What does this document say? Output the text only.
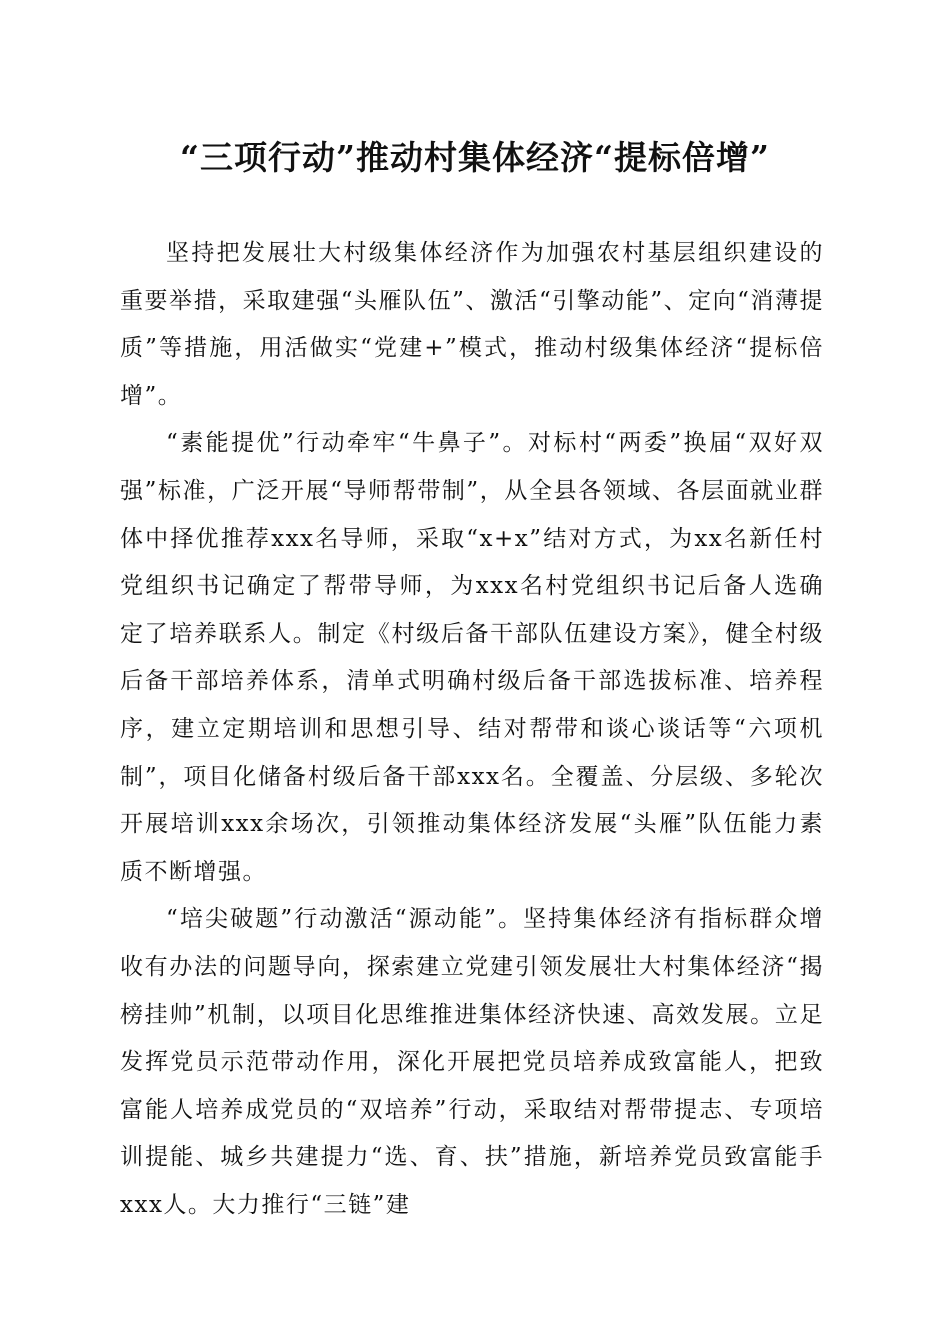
“三项行动”推动村集体经济“提标倍增”

坚持把发展壮大村级集体经济作为加强农村基层组织建设的重要举措，采取建强“头雁队伍”、激活“引擎动能”、定向“消薄提质”等措施，用活做实“党建+”模式，推动村级集体经济“提标倍增”。

“素能提优”行动牵牢“牛鼻子”。对标村“两委”换届“双好双强”标准，广泛开展“导师帮带制”，从全县各领域、各层面就业群体中择优推荐xxx名导师，采取“x+x”结对方式，为xx名新任村党组织书记确定了帮带导师，为xxx名村党组织书记后备人选确定了培养联系人。制定《村级后备干部队伍建设方案》，健全村级后备干部培养体系，清单式明确村级后备干部选拔标准、培养程序，建立定期培训和思想引导、结对帮带和谈心谈话等“六项机制”，项目化储备村级后备干部xxx名。全覆盖、分层级、多轮次开展培训xxx余场次，引领推动集体经济发展“头雁”队伍能力素质不断增强。

“培尖破题”行动激活“源动能”。坚持集体经济有指标群众增收有办法的问题导向，探索建立党建引领发展壮大村集体经济“揭榜挂帅”机制，以项目化思维推进集体经济快速、高效发展。立足发挥党员示范带动作用，深化开展把党员培养成致富能人，把致富能人培养成党员的“双培养”行动，采取结对帮带提志、专项培训提能、城乡共建提力“选、育、扶”措施，新培养党员致富能手xxx人。大力推行“三链”建
